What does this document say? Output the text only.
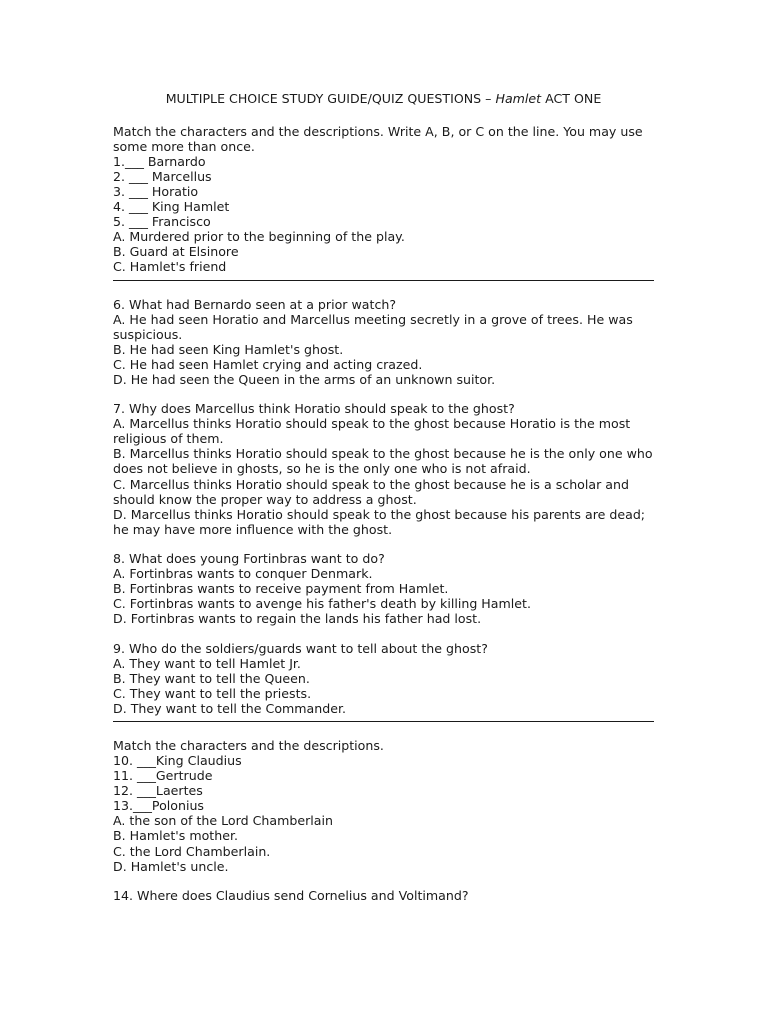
MULTIPLE CHOICE STUDY GUIDE/QUIZ QUESTIONS – Hamlet ACT ONE
Match the characters and the descriptions. Write A, B, or C on the line. You may use some more than once.
1.___ Barnardo
2. ___ Marcellus
3. ___ Horatio
4. ___ King Hamlet
5. ___ Francisco
A. Murdered prior to the beginning of the play.
B. Guard at Elsinore
C. Hamlet's friend
6. What had Bernardo seen at a prior watch?
A. He had seen Horatio and Marcellus meeting secretly in a grove of trees. He was suspicious.
B. He had seen King Hamlet's ghost.
C. He had seen Hamlet crying and acting crazed.
D. He had seen the Queen in the arms of an unknown suitor.
7. Why does Marcellus think Horatio should speak to the ghost?
A. Marcellus thinks Horatio should speak to the ghost because Horatio is the most religious of them.
B. Marcellus thinks Horatio should speak to the ghost because he is the only one who does not believe in ghosts, so he is the only one who is not afraid.
C. Marcellus thinks Horatio should speak to the ghost because he is a scholar and should know the proper way to address a ghost.
D. Marcellus thinks Horatio should speak to the ghost because his parents are dead; he may have more influence with the ghost.
8. What does young Fortinbras want to do?
A. Fortinbras wants to conquer Denmark.
B. Fortinbras wants to receive payment from Hamlet.
C. Fortinbras wants to avenge his father's death by killing Hamlet.
D. Fortinbras wants to regain the lands his father had lost.
9. Who do the soldiers/guards want to tell about the ghost?
A. They want to tell Hamlet Jr.
B. They want to tell the Queen.
C. They want to tell the priests.
D. They want to tell the Commander.
Match the characters and the descriptions.
10. ___King Claudius
11. ___Gertrude
12. ___Laertes
13.___Polonius
A. the son of the Lord Chamberlain
B. Hamlet's mother.
C. the Lord Chamberlain.
D. Hamlet's uncle.
14. Where does Claudius send Cornelius and Voltimand?
